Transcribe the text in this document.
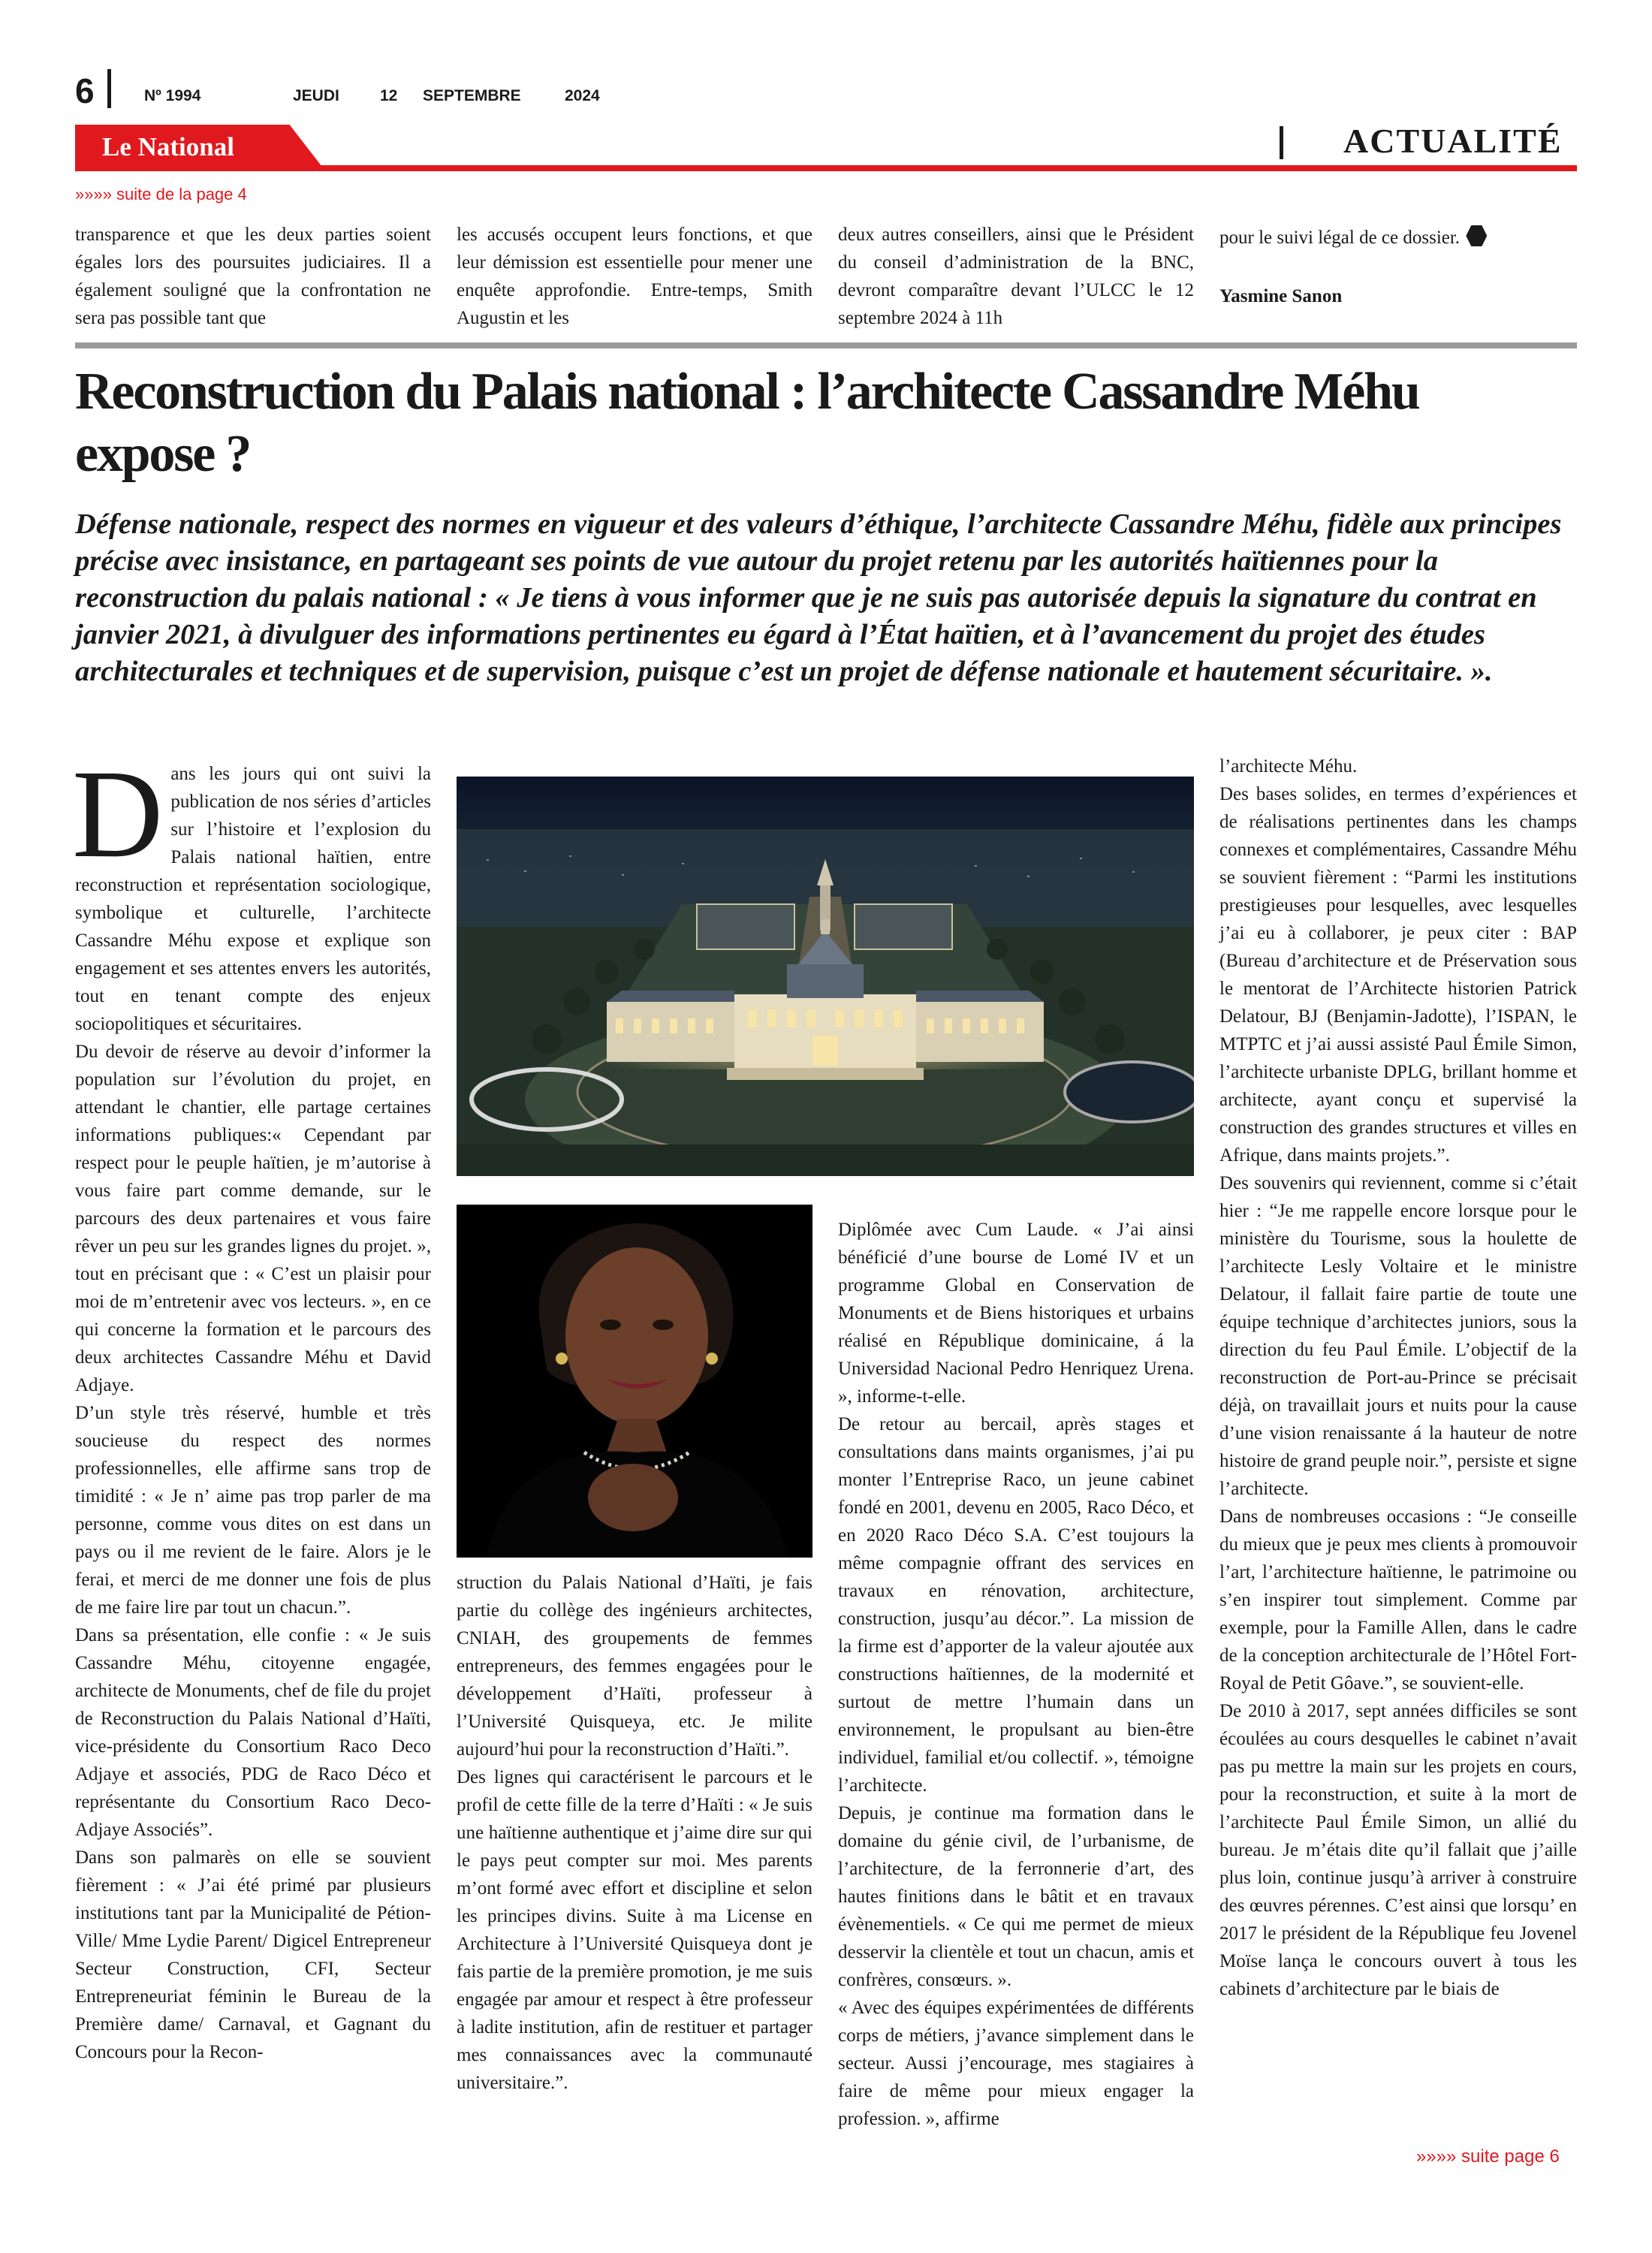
6	Nº 1994	JEUDI	12 SEPTEMBRE	2024
Le National	ACTUALITÉ
»»»» suite de la page 4
transparence et que les deux parties soient égales lors des poursuites judiciaires. Il a également souligné que la confrontation ne sera pas possible tant que
les accusés occupent leurs fonctions, et que leur démission est essentielle pour mener une enquête approfondie. Entre-temps, Smith Augustin et les
deux autres conseillers, ainsi que le Président du conseil d’administration de la BNC, devront comparaître devant l’ULCC le 12 septembre 2024 à 11h
pour le suivi légal de ce dossier.
Yasmine Sanon
Reconstruction du Palais national : l’architecte Cassandre Méhu expose ?
Défense nationale, respect des normes en vigueur et des valeurs d’éthique, l’architecte Cassandre Méhu, fidèle aux principes précise avec insistance, en partageant ses points de vue autour du projet retenu par les autorités haïtiennes pour la reconstruction du palais national : « Je tiens à vous informer que je ne suis pas autorisée depuis la signature du contrat en janvier 2021, à divulguer des informations pertinentes eu égard à l’État haïtien, et à l’avancement du projet des études architecturales et techniques et de supervision, puisque c’est un projet de défense nationale et hautement sécuritaire. ».
D ans les jours qui ont suivi la publication de nos séries d’articles sur l’histoire et l’explosion du Palais national haïtien, entre reconstruction et représentation sociologique, symbolique et culturelle, l’architecte Cassandre Méhu expose et explique son engagement et ses attentes envers les autorités, tout en tenant compte des enjeux sociopolitiques et sécuritaires.

Du devoir de réserve au devoir d’informer la population sur l’évolution du projet, en attendant le chantier, elle partage certaines informations publiques:« Cependant par respect pour le peuple haïtien, je m’autorise à vous faire part comme demande, sur le parcours des deux partenaires et vous faire rêver un peu sur les grandes lignes du projet. », tout en précisant que : « C’est un plaisir pour moi de m’entretenir avec vos lecteurs. », en ce qui concerne la formation et le parcours des deux architectes Cassandre Méhu et David Adjaye.

D’un style très réservé, humble et très soucieuse du respect des normes professionnelles, elle affirme sans trop de timidité : « Je n’ aime pas trop parler de ma personne, comme vous dites on est dans un pays ou il me revient de le faire. Alors je le ferai, et merci de me donner une fois de plus de me faire lire par tout un chacun.”.

Dans sa présentation, elle confie : « Je suis Cassandre Méhu, citoyenne engagée, architecte de Monuments, chef de file du projet de Reconstruction du Palais National d’Haïti, vice-présidente du Consortium Raco Deco Adjaye et associés, PDG de Raco Déco et représentante du Consortium Raco Deco-Adjaye Associés”.

Dans son palmarès on elle se souvient fièrement : « J’ai été primé par plusieurs institutions tant par la Municipalité de Pétion-Ville/ Mme Lydie Parent/ Digicel Entrepreneur Secteur Construction, CFI, Secteur Entrepreneuriat féminin le Bureau de la Première dame/ Carnaval, et Gagnant du Concours pour la Recon-

struction du Palais National d’Haïti, je fais partie du collège des ingénieurs architectes, CNIAH, des groupements de femmes entrepreneurs, des femmes engagées pour le développement d’Haïti, professeur à l’Université Quisqueya, etc. Je milite aujourd’hui pour la reconstruction d’Haïti.”.

Des lignes qui caractérisent le parcours et le profil de cette fille de la terre d’Haïti : « Je suis une haïtienne authentique et j’aime dire sur qui le pays peut compter sur moi. Mes parents m’ont formé avec effort et discipline et selon les principes divins. Suite à ma License en Architecture à l’Université Quisqueya dont je fais partie de la première promotion, je me suis engagée par amour et respect à être professeur à ladite institution, afin de restituer et partager mes connaissances avec la communauté universitaire.”.

Diplômée avec Cum Laude. « J’ai ainsi bénéficié d’une bourse de Lomé IV et un programme Global en Conservation de Monuments et de Biens historiques et urbains réalisé en République dominicaine, á la Universidad Nacional Pedro Henriquez Urena. », informe-t-elle.

De retour au bercail, après stages et consultations dans maints organismes, j’ai pu monter l’Entreprise Raco, un jeune cabinet fondé en 2001, devenu en 2005, Raco Déco, et en 2020 Raco Déco S.A. C’est toujours la même compagnie offrant des services en travaux en rénovation, architecture, construction, jusqu’au décor.”. La mission de la firme est d’apporter de la valeur ajoutée aux constructions haïtiennes, de la modernité et surtout de mettre l’humain dans un environnement, le propulsant au bien-être individuel, familial et/ou collectif. », témoigne l’architecte.

Depuis, je continue ma formation dans le domaine du génie civil, de l’urbanisme, de l’architecture, de la ferronnerie d’art, des hautes finitions dans le bâtit et en travaux évènementiels. « Ce qui me permet de mieux desservir la clientèle et tout un chacun, amis et confrères, consœurs. ».

« Avec des équipes expérimentées de différents corps de métiers, j’avance simplement dans le secteur. Aussi j’encourage, mes stagiaires à faire de même pour mieux engager la profession. », affirme

l’architecte Méhu.

Des bases solides, en termes d’expériences et de réalisations pertinentes dans les champs connexes et complémentaires, Cassandre Méhu se souvient fièrement : “Parmi les institutions prestigieuses pour lesquelles, avec lesquelles j’ai eu à collaborer, je peux citer : BAP (Bureau d’architecture et de Préservation sous le mentorat de l’Architecte historien Patrick Delatour, BJ (Benjamin-Jadotte), l’ISPAN, le MTPTC et j’ai aussi assisté Paul Émile Simon, l’architecte urbaniste DPLG, brillant homme et architecte, ayant conçu et supervisé la construction des grandes structures et villes en Afrique, dans maints projets.”.

Des souvenirs qui reviennent, comme si c’était hier : “Je me rappelle encore lorsque pour le ministère du Tourisme, sous la houlette de l’architecte Lesly Voltaire et le ministre Delatour, il fallait faire partie de toute une équipe technique d’architectes juniors, sous la direction du feu Paul Émile. L’objectif de la reconstruction de Port-au-Prince se précisait déjà, on travaillait jours et nuits pour la cause d’une vision renaissante á la hauteur de notre histoire de grand peuple noir.”, persiste et signe l’architecte.

Dans de nombreuses occasions : “Je conseille du mieux que je peux mes clients à promouvoir l’art, l’architecture haïtienne, le patrimoine ou s’en inspirer tout simplement. Comme par exemple, pour la Famille Allen, dans le cadre de la conception architecturale de l’Hôtel Fort-Royal de Petit Gôave.”, se souvient-elle.

De 2010 à 2017, sept années difficiles se sont écoulées au cours desquelles le cabinet n’avait pas pu mettre la main sur les projets en cours, pour la reconstruction, et suite à la mort de l’architecte Paul Émile Simon, un allié du bureau. Je m’étais dite qu’il fallait que j’aille plus loin, continue jusqu’à arriver à construire des œuvres pérennes. C’est ainsi que lorsqu’ en 2017 le président de la République feu Jovenel Moïse lança le concours ouvert à tous les cabinets d’architecture par le biais de

»»»» suite page 6
